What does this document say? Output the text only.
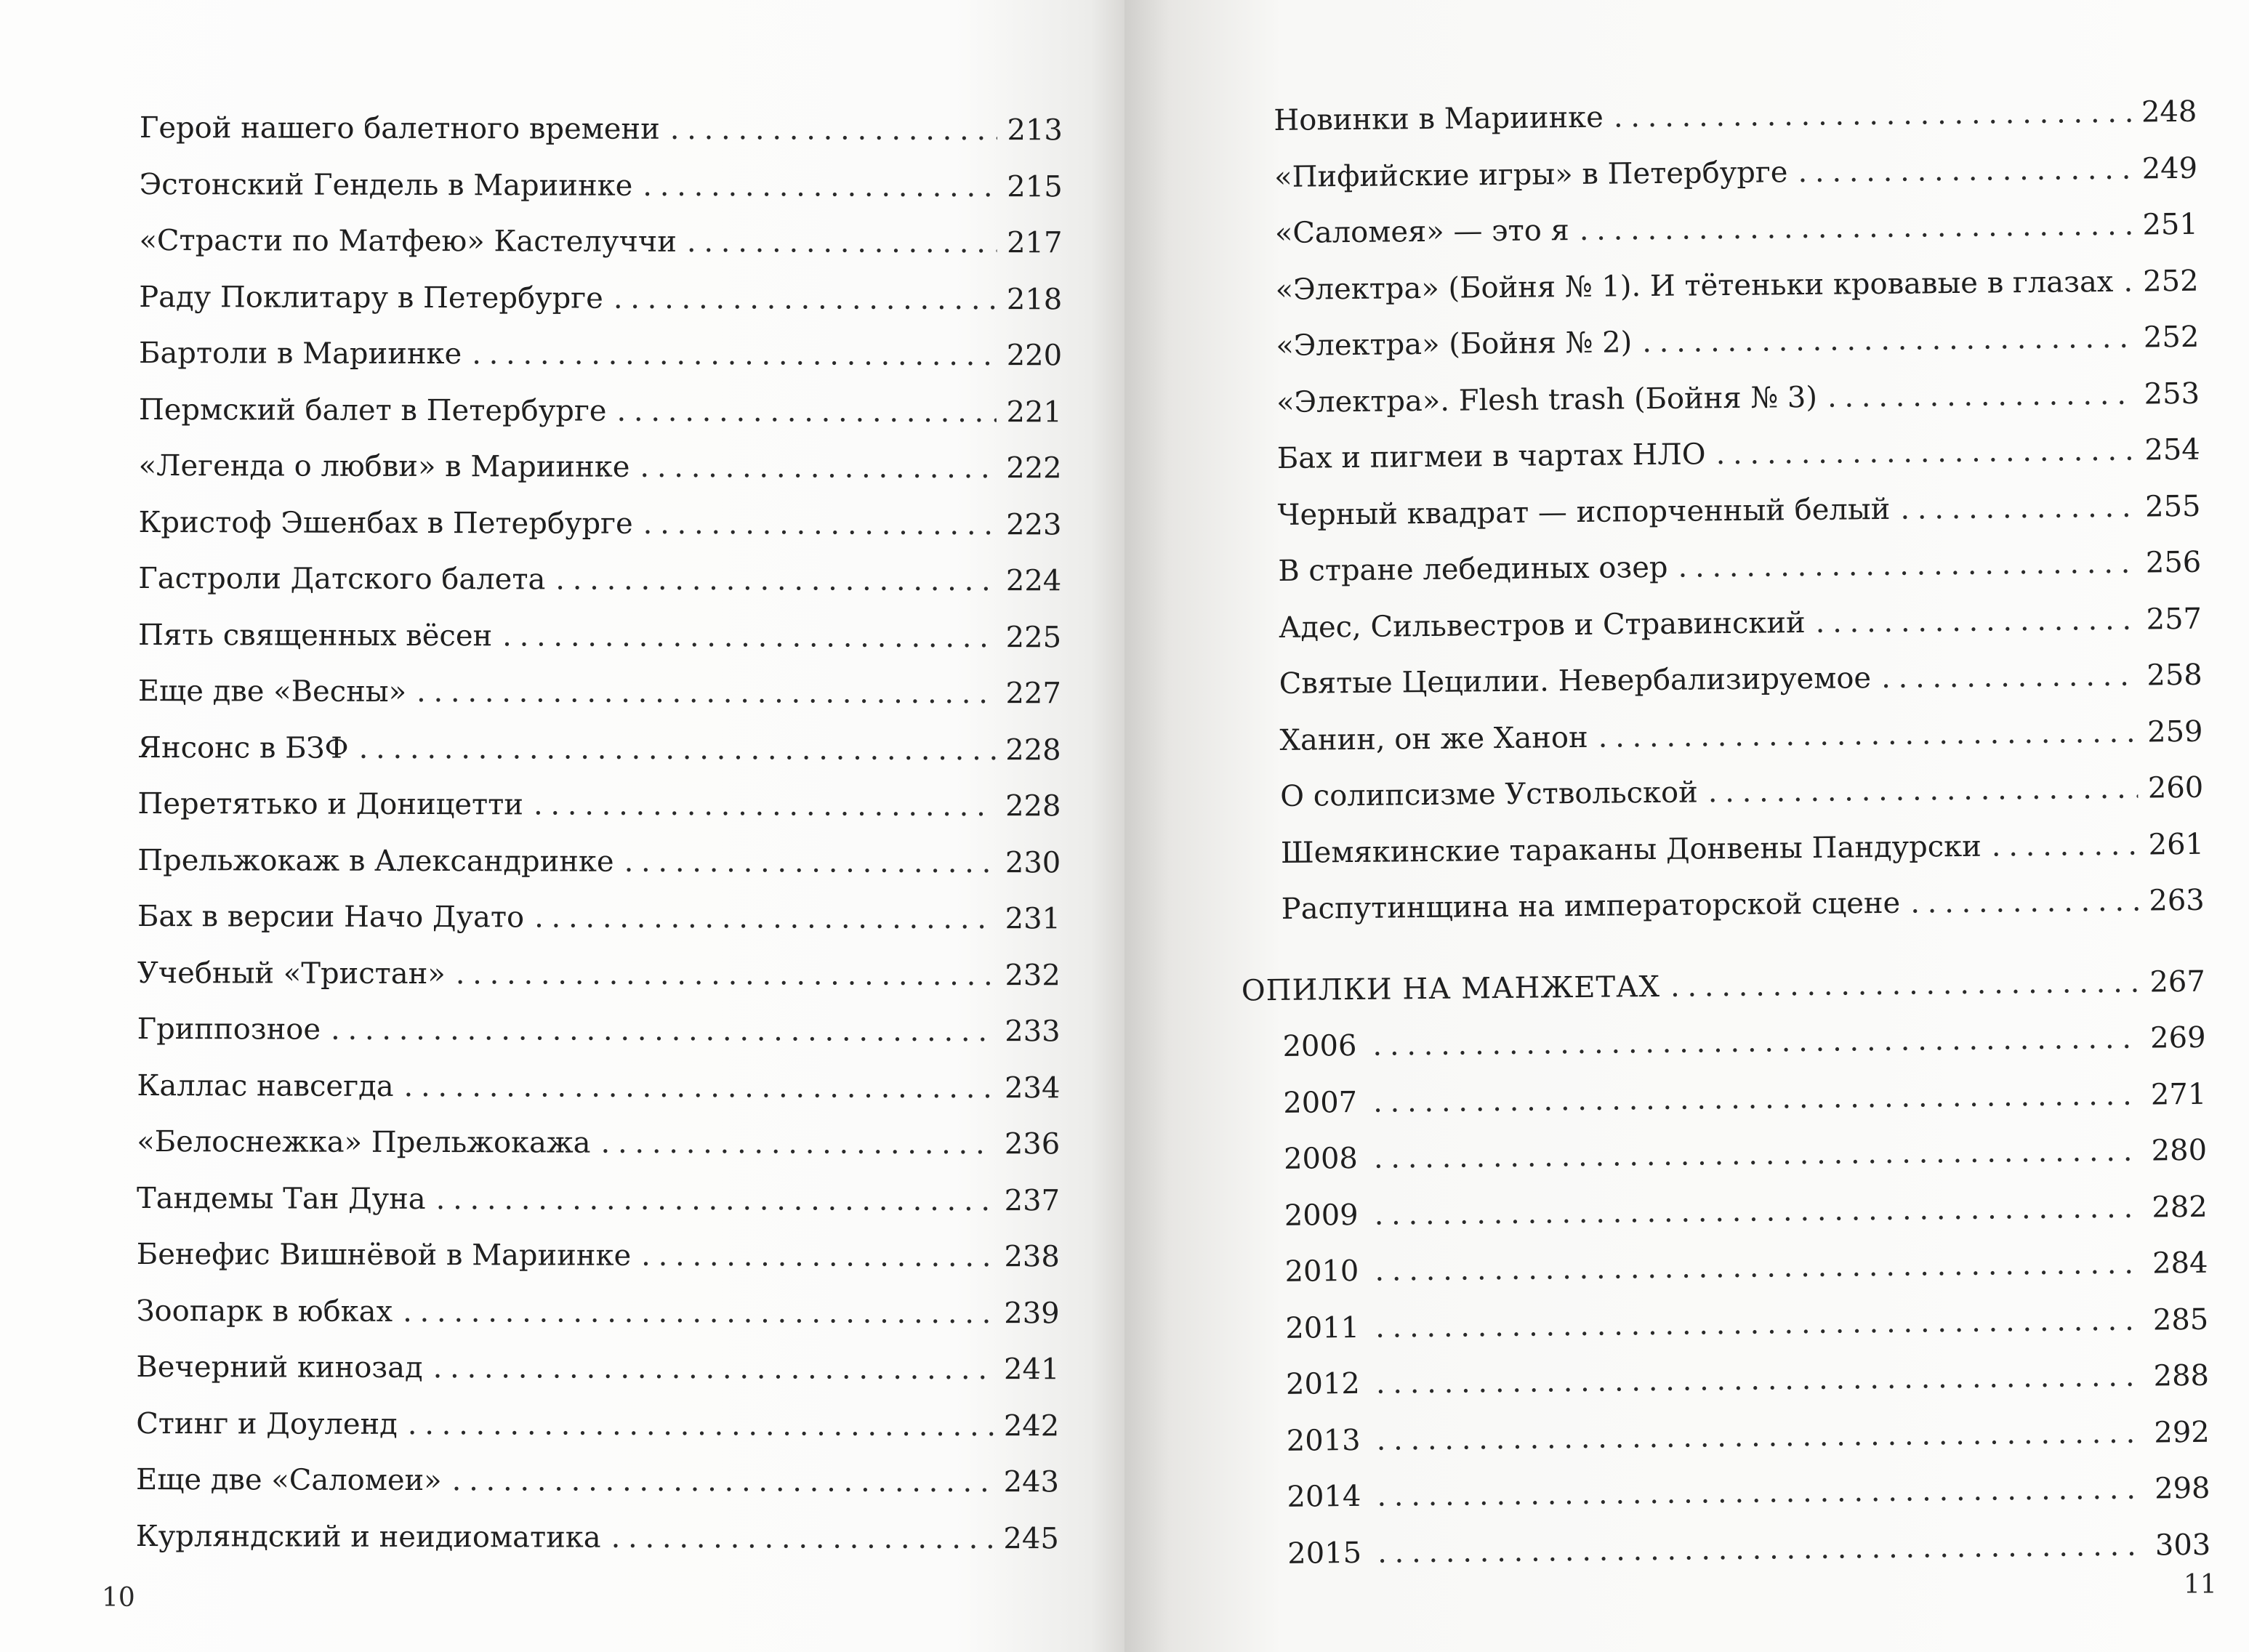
Герой нашего балетного времени . . .	213
Эстонский Гендель в Мариинке . . .	215
«Страсти по Матфею» Кастелуччи . . .	217
Раду Поклитару в Петербурге . . .	218
Бартоли в Мариинке . . .	220
Пермский балет в Петербурге . . .	221
«Легенда о любви» в Мариинке . . .	222
Кристоф Эшенбах в Петербурге . . .	223
Гастроли Датского балета . . .	224
Пять священных вёсен . . .	225
Еще две «Весны» . . .	227
Янсонс в БЗФ . . .	228
Перетятько и Доницетти . . .	228
Прельжокаж в Александринке . . .	230
Бах в версии Начо Дуато . . .	231
Учебный «Тристан» . . .	232
Гриппозное . . .	233
Каллас навсегда . . .	234
«Белоснежка» Прельжокажа . . .	236
Тандемы Тан Дуна . . .	237
Бенефис Вишнёвой в Мариинке . . .	238
Зоопарк в юбках . . .	239
Вечерний кинозад . . .	241
Стинг и Доуленд . . .	242
Еще две «Саломеи» . . .	243
Курляндский и неидиоматика . . .	245
Новинки в Мариинке . . .	248
«Пифийские игры» в Петербурге . . .	249
«Саломея» — это я . . .	251
«Электра» (Бойня № 1). И тётеньки кровавые в глазах . . .	252
«Электра» (Бойня № 2) . . .	252
«Электра». Flesh trash (Бойня № 3) . . .	253
Бах и пигмеи в чартах НЛО . . .	254
Черный квадрат — испорченный белый . . .	255
В стране лебединых озер . . .	256
Адес, Сильвестров и Стравинский . . .	257
Святые Цецилии. Невербализируемое . . .	258
Ханин, он же Ханон . . .	259
О солипсизме Уствольской . . .	260
Шемякинские тараканы Донвены Пандурски . . .	261
Распутинщина на императорской сцене . . .	263
ОПИЛКИ НА МАНЖЕТАХ . . .	267
2006 . . .	269
2007 . . .	271
2008 . . .	280
2009 . . .	282
2010 . . .	284
2011 . . .	285
2012 . . .	288
2013 . . .	292
2014 . . .	298
2015 . . .	303
10	11
